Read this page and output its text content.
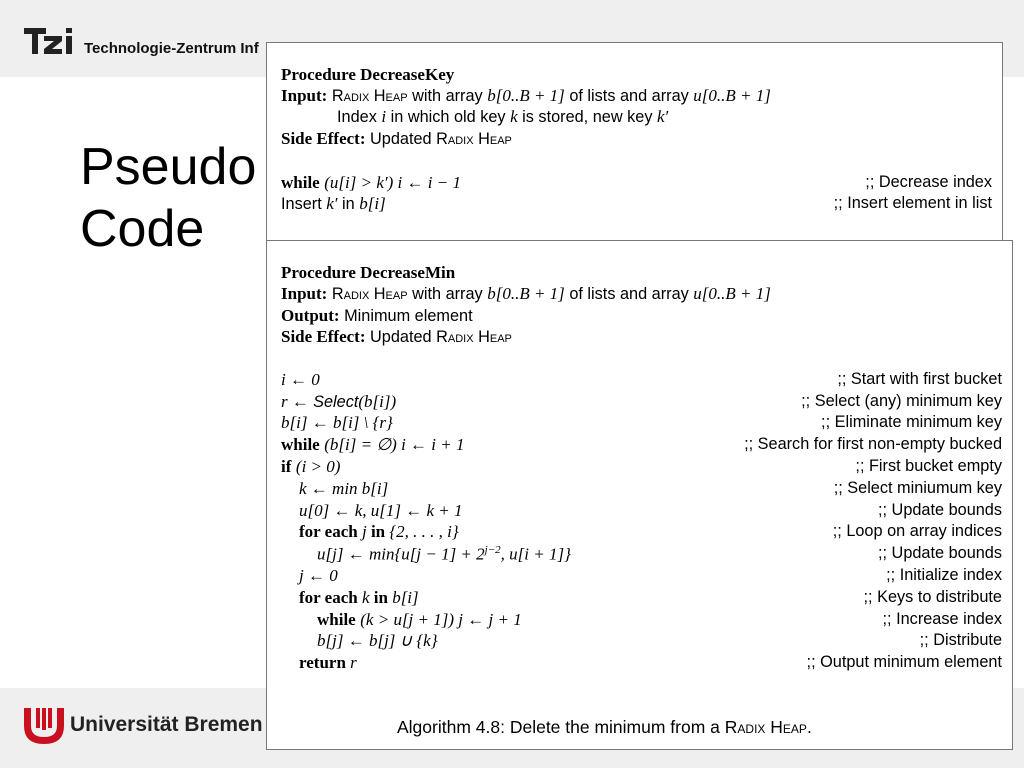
Technologie-Zentrum Inf
Pseudo
Code
Universität Bremen
Procedure DecreaseKey
Input: Radix Heap with array b[0..B + 1] of lists and array u[0..B + 1]
Index i in which old key k is stored, new key k′
Side Effect: Updated Radix Heap
while (u[i] > k′) i ← i − 1	;; Decrease index
Insert k′ in b[i]	;; Insert element in list
Procedure DecreaseMin
Input: Radix Heap with array b[0..B + 1] of lists and array u[0..B + 1]
Output: Minimum element
Side Effect: Updated Radix Heap
i ← 0	;; Start with first bucket
r ← Select(b[i])	;; Select (any) minimum key
b[i] ← b[i] \ {r}	;; Eliminate minimum key
while (b[i] = ∅) i ← i + 1	;; Search for first non-empty bucked
if (i > 0)	;; First bucket empty
k ← min b[i]	;; Select miniumum key
u[0] ← k, u[1] ← k + 1	;; Update bounds
for each j in {2, . . . , i}	;; Loop on array indices
u[j] ← $\min\{u[j - 1] + 2^{j-2}$, u[i + 1]}	;; Update bounds
j ← 0	;; Initialize index
for each k in b[i]	;; Keys to distribute
while (k > u[j + 1]) j ← j + 1	;; Increase index
b[j] ← b[j] ∪ {k}	;; Distribute
return r	;; Output minimum element
Algorithm 4.8: Delete the minimum from a Radix Heap.
